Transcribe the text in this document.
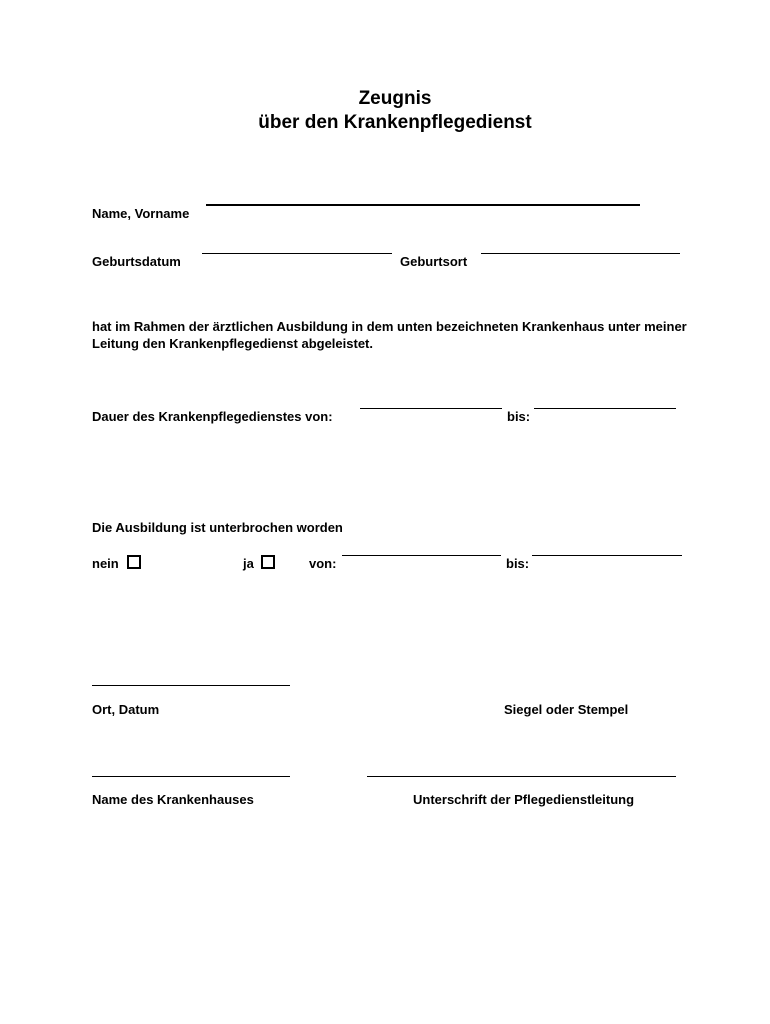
Zeugnis
über den Krankenpflegedienst
Name, Vorname
Geburtsdatum	Geburtsort
hat im Rahmen der ärztlichen Ausbildung in dem unten bezeichneten Krankenhaus unter meiner Leitung den Krankenpflegedienst abgeleistet.
Dauer des Krankenpflegedienstes von:	bis:
Die Ausbildung ist unterbrochen worden
nein	ja	von:	bis:
Ort, Datum	Siegel oder Stempel
Name des Krankenhauses	Unterschrift der Pflegedienstleitung
